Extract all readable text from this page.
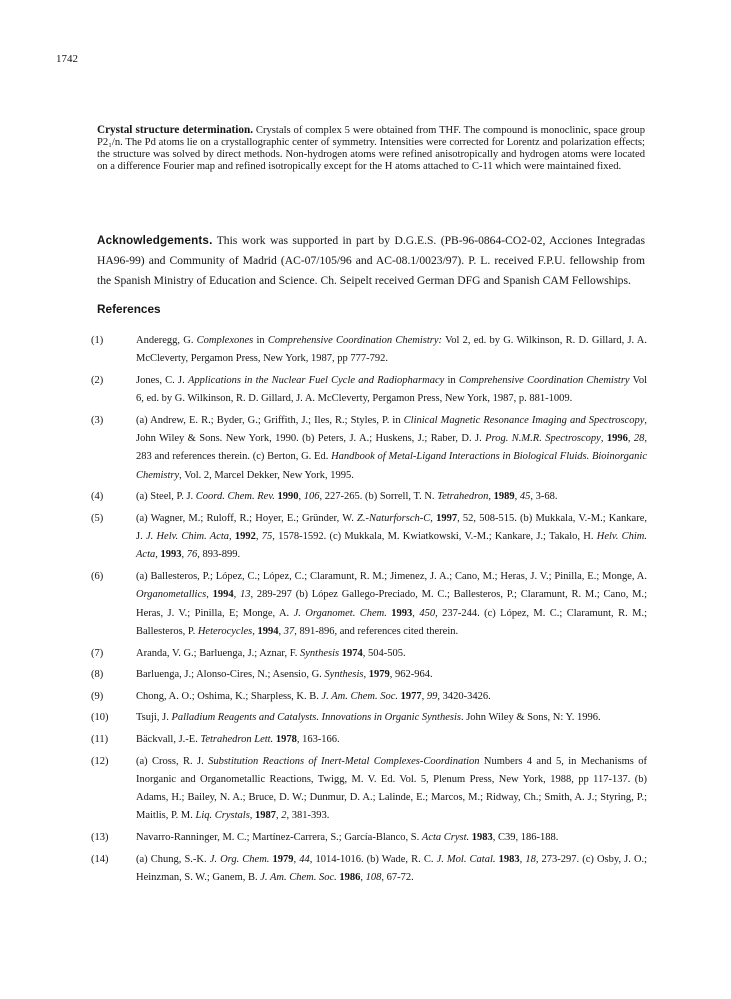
1742
Crystal structure determination. Crystals of complex 5 were obtained from THF. The compound is monoclinic, space group P2₁/n. The Pd atoms lie on a crystallographic center of symmetry. Intensities were corrected for Lorentz and polarization effects; the structure was solved by direct methods. Non-hydrogen atoms were refined anisotropically and hydrogen atoms were located on a difference Fourier map and refined isotropically except for the H atoms attached to C-11 which were maintained fixed.
Acknowledgements. This work was supported in part by D.G.E.S. (PB-96-0864-CO2-02, Acciones Integradas HA96-99) and Community of Madrid (AC-07/105/96 and AC-08.1/0023/97). P. L. received F.P.U. fellowship from the Spanish Ministry of Education and Science. Ch. Seipelt received German DFG and Spanish CAM Fellowships.
References
(1)	Anderegg, G. Complexones in Comprehensive Coordination Chemistry: Vol 2, ed. by G. Wilkinson, R. D. Gillard, J. A. McCleverty, Pergamon Press, New York, 1987, pp 777-792.
(2)	Jones, C. J. Applications in the Nuclear Fuel Cycle and Radiopharmacy in Comprehensive Coordination Chemistry Vol 6, ed. by G. Wilkinson, R. D. Gillard, J. A. McCleverty, Pergamon Press, New York, 1987, p. 881-1009.
(3)	(a) Andrew, E. R.; Byder, G.; Griffith, J.; Iles, R.; Styles, P. in Clinical Magnetic Resonance Imaging and Spectroscopy, John Wiley & Sons. New York, 1990. (b) Peters, J. A.; Huskens, J.; Raber, D. J. Prog. N.M.R. Spectroscopy, 1996, 28, 283 and references therein. (c) Berton, G. Ed. Handbook of Metal-Ligand Interactions in Biological Fluids. Bioinorganic Chemistry, Vol. 2, Marcel Dekker, New York, 1995.
(4)	(a) Steel, P. J. Coord. Chem. Rev. 1990, 106, 227-265. (b) Sorrell, T. N. Tetrahedron, 1989, 45, 3-68.
(5)	(a) Wagner, M.; Ruloff, R.; Hoyer, E.; Gründer, W. Z.-Naturforsch-C, 1997, 52, 508-515. (b) Mukkala, V.-M.; Kankare, J. J. Helv. Chim. Acta, 1992, 75, 1578-1592. (c) Mukkala, M. Kwiatkowski, V.-M.; Kankare, J.; Takalo, H. Helv. Chim. Acta, 1993, 76, 893-899.
(6)	(a) Ballesteros, P.; López, C.; López, C.; Claramunt, R. M.; Jimenez, J. A.; Cano, M.; Heras, J. V.; Pinilla, E.; Monge, A. Organometallics, 1994, 13, 289-297 (b) López Gallego-Preciado, M. C.; Ballesteros, P.; Claramunt, R. M.; Cano, M.; Heras, J. V.; Pinilla, E; Monge, A. J. Organomet. Chem. 1993, 450, 237-244. (c) López, M. C.; Claramunt, R. M.; Ballesteros, P. Heterocycles, 1994, 37, 891-896, and references cited therein.
(7)	Aranda, V. G.; Barluenga, J.; Aznar, F. Synthesis 1974, 504-505.
(8)	Barluenga, J.; Alonso-Cires, N.; Asensio, G. Synthesis, 1979, 962-964.
(9)	Chong, A. O.; Oshima, K.; Sharpless, K. B. J. Am. Chem. Soc. 1977, 99, 3420-3426.
(10)	Tsuji, J. Palladium Reagents and Catalysts. Innovations in Organic Synthesis. John Wiley & Sons, N: Y. 1996.
(11)	Bäckvall, J.-E. Tetrahedron Lett. 1978, 163-166.
(12)	(a) Cross, R. J. Substitution Reactions of Inert-Metal Complexes-Coordination Numbers 4 and 5, in Mechanisms of Inorganic and Organometallic Reactions, Twigg, M. V. Ed. Vol. 5, Plenum Press, New York, 1988, pp 117-137. (b) Adams, H.; Bailey, N. A.; Bruce, D. W.; Dunmur, D. A.; Lalinde, E.; Marcos, M.; Ridway, Ch.; Smith, A. J.; Styring, P.; Maitlis, P. M. Liq. Crystals, 1987, 2, 381-393.
(13)	Navarro-Ranninger, M. C.; Martínez-Carrera, S.; García-Blanco, S. Acta Cryst. 1983, C39, 186-188.
(14)	(a) Chung, S.-K. J. Org. Chem. 1979, 44, 1014-1016. (b) Wade, R. C. J. Mol. Catal. 1983, 18, 273-297. (c) Osby, J. O.; Heinzman, S. W.; Ganem, B. J. Am. Chem. Soc. 1986, 108, 67-72.
